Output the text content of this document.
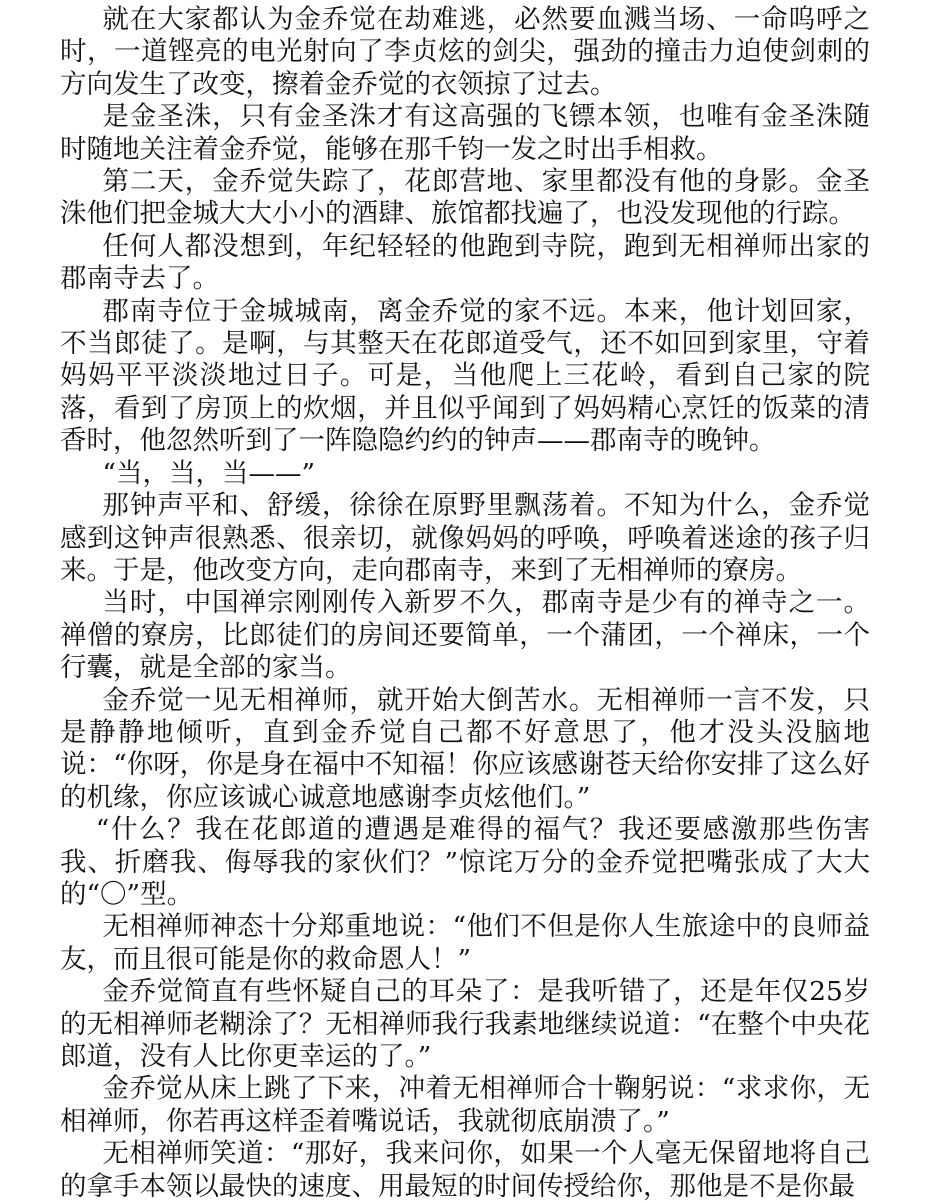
就在大家都认为金乔觉在劫难逃，必然要血溅当场、一命呜呼之时，一道铿亮的电光射向了李贞炫的剑尖，强劲的撞击力迫使剑刺的方向发生了改变，擦着金乔觉的衣领掠了过去。

是金圣洙，只有金圣洙才有这高强的飞镖本领，也唯有金圣洙随时随地关注着金乔觉，能够在那千钧一发之时出手相救。

第二天，金乔觉失踪了，花郎营地、家里都没有他的身影。金圣洙他们把金城大大小小的酒肆、旅馆都找遍了，也没发现他的行踪。

任何人都没想到，年纪轻轻的他跑到寺院，跑到无相禅师出家的郡南寺去了。

郡南寺位于金城城南，离金乔觉的家不远。本来，他计划回家，不当郎徒了。是啊，与其整天在花郎道受气，还不如回到家里，守着妈妈平平淡淡地过日子。可是，当他爬上三花岭，看到自己家的院落，看到了房顶上的炊烟，并且似乎闻到了妈妈精心烹饪的饭菜的清香时，他忽然听到了一阵隐隐约约的钟声——郡南寺的晚钟。

“当，当，当——”

那钟声平和、舒缓，徐徐在原野里飘荡着。不知为什么，金乔觉感到这钟声很熟悉、很亲切，就像妈妈的呼唤，呼唤着迷途的孩子归来。于是，他改变方向，走向郡南寺，来到了无相禅师的寮房。

当时，中国禅宗刚刚传入新罗不久，郡南寺是少有的禅寺之一。禅僧的寮房，比郎徒们的房间还要简单，一个蒲团，一个禅床，一个行囊，就是全部的家当。

金乔觉一见无相禅师，就开始大倒苦水。无相禅师一言不发，只是静静地倾听，直到金乔觉自己都不好意思了，他才没头没脑地说：“你呀，你是身在福中不知福！你应该感谢苍天给你安排了这么好的机缘，你应该诚心诚意地感谢李贞炫他们。”

“什么？我在花郎道的遭遇是难得的福气？我还要感激那些伤害我、折磨我、侮辱我的家伙们？”惊诧万分的金乔觉把嘴张成了大大的“〇”型。

无相禅师神态十分郑重地说：“他们不但是你人生旅途中的良师益友，而且很可能是你的救命恩人！”

金乔觉简直有些怀疑自己的耳朵了：是我听错了，还是年仅25岁的无相禅师老糊涂了？无相禅师我行我素地继续说道：“在整个中央花郎道，没有人比你更幸运的了。”

金乔觉从床上跳了下来，冲着无相禅师合十鞠躬说：“求求你，无相禅师，你若再这样歪着嘴说话，我就彻底崩溃了。”

无相禅师笑道：“那好，我来问你，如果一个人毫无保留地将自己的拿手本领以最快的速度、用最短的时间传授给你，那他是不是你最
